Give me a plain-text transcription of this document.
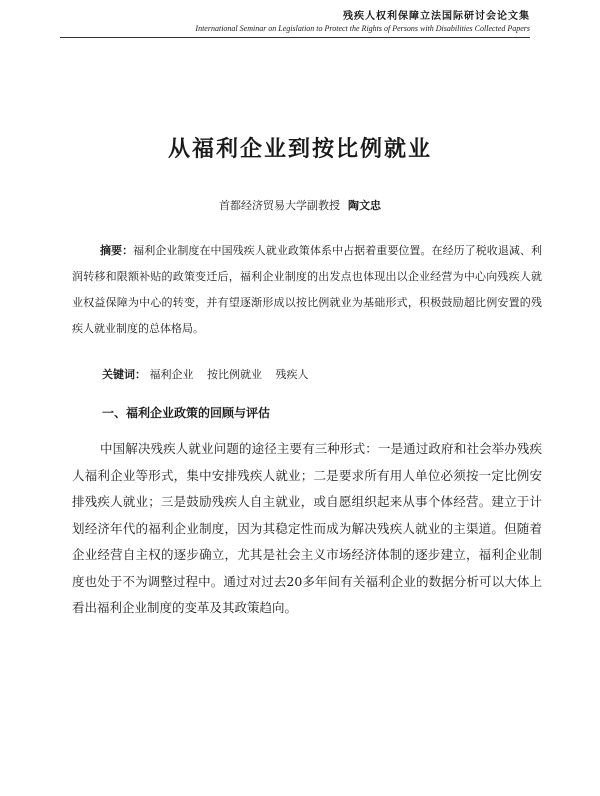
残疾人权利保障立法国际研讨会论文集
International Seminar on Legislation to Protect the Rights of Persons with Disabilities Collected Papers
从福利企业到按比例就业
首都经济贸易大学副教授 陶文忠
摘要：福利企业制度在中国残疾人就业政策体系中占据着重要位置。在经历了税收退减、利润转移和限额补贴的政策变迁后，福利企业制度的出发点也体现出以企业经营为中心向残疾人就业权益保障为中心的转变，并有望逐渐形成以按比例就业为基础形式，积极鼓励超比例安置的残疾人就业制度的总体格局。
关键词： 福利企业 按比例就业 残疾人
一、福利企业政策的回顾与评估
中国解决残疾人就业问题的途径主要有三种形式：一是通过政府和社会举办残疾人福利企业等形式，集中安排残疾人就业；二是要求所有用人单位必须按一定比例安排残疾人就业；三是鼓励残疾人自主就业，或自愿组织起来从事个体经营。建立于计划经济年代的福利企业制度，因为其稳定性而成为解决残疾人就业的主渠道。但随着企业经营自主权的逐步确立，尤其是社会主义市场经济体制的逐步建立，福利企业制度也处于不为调整过程中。通过对过去20多年间有关福利企业的数据分析可以大体上看出福利企业制度的变革及其政策趋向。
